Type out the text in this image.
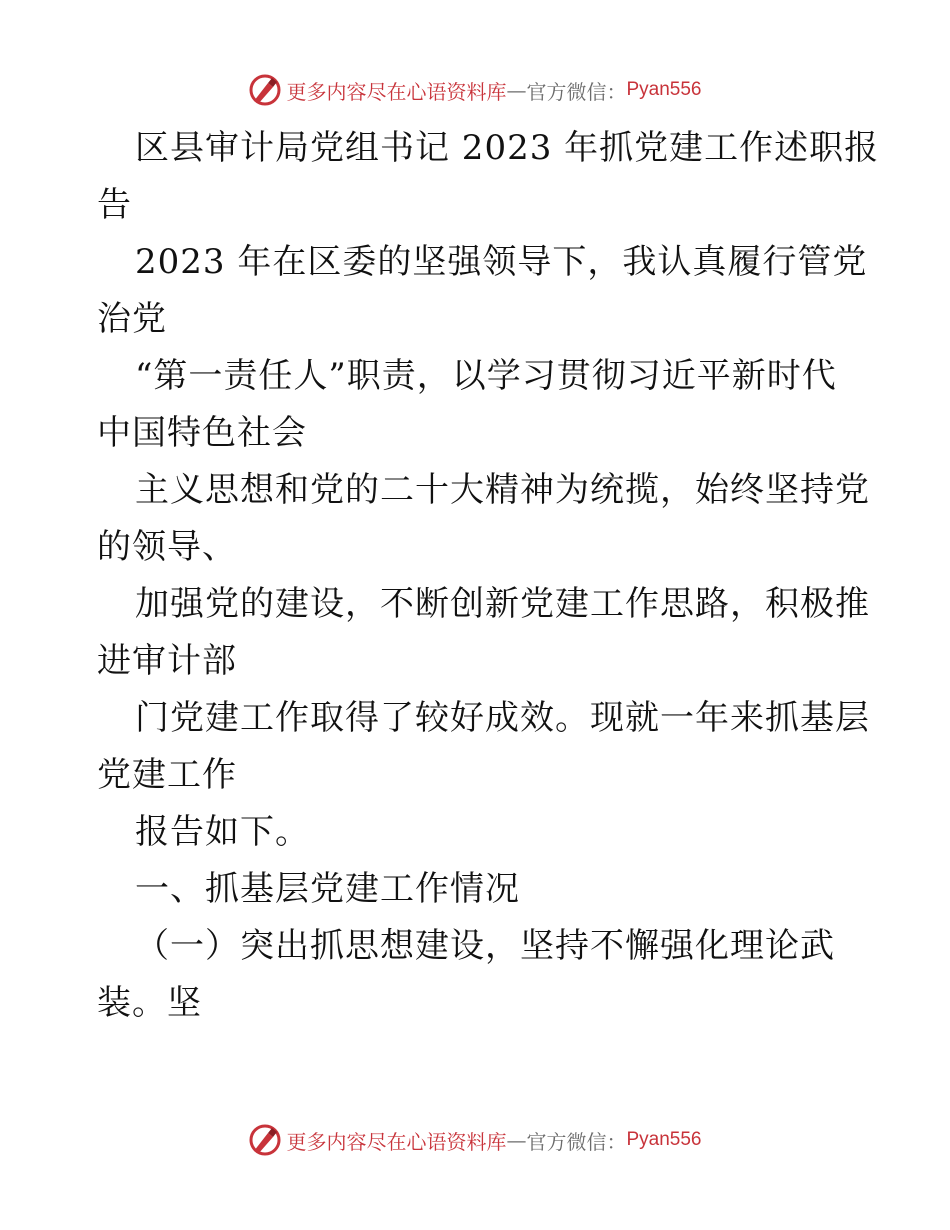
更多内容尽在心语资料库 — 官方微信： Pyan556
区县审计局党组书记 2023 年抓党建工作述职报
告
2023 年在区委的坚强领导下，我认真履行管党
治党
“第一责任人”职责，以学习贯彻习近平新时代
中国特色社会
主义思想和党的二十大精神为统揽，始终坚持党
的领导、
加强党的建设，不断创新党建工作思路，积极推
进审计部
门党建工作取得了较好成效。现就一年来抓基层
党建工作
报告如下。
一、抓基层党建工作情况
（一）突出抓思想建设，坚持不懈强化理论武
装。坚
更多内容尽在心语资料库 — 官方微信： Pyan556
